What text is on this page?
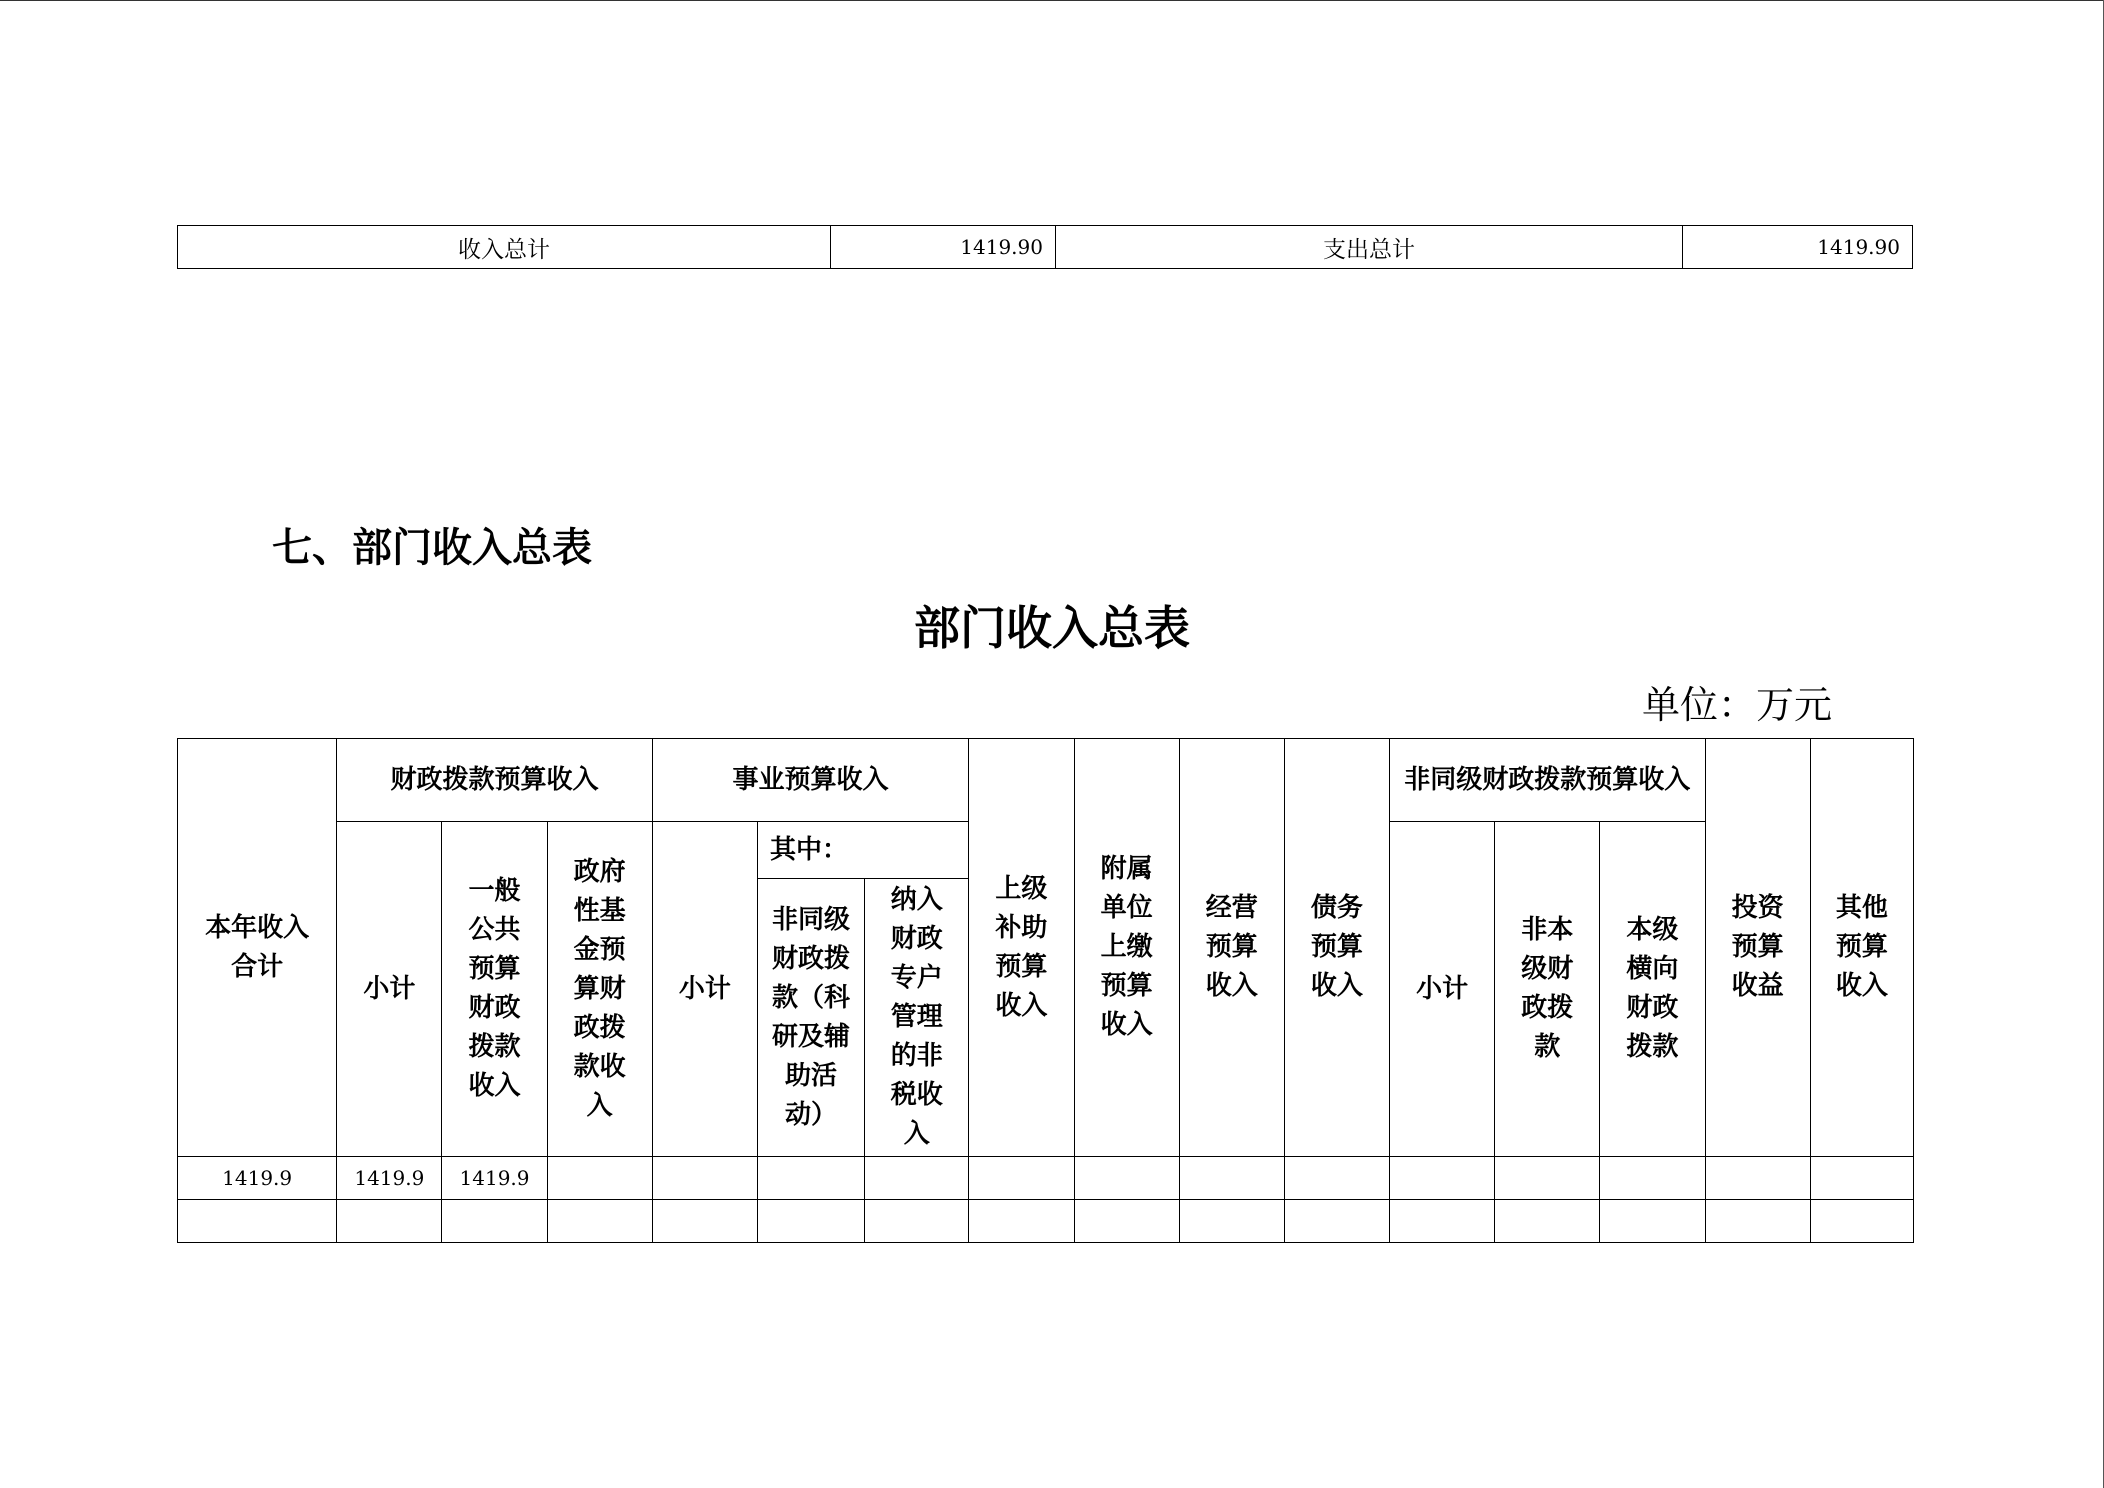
收入总计	1419.90	支出总计	1419.90
七、部门收入总表
部门收入总表
单位：万元
本年收入合计	财政拨款预算收入			事业预算收入			上级补助预算收入	附属单位上缴预算收入	经营预算收入	债务预算收入	非同级财政拨款预算收入			投资预算收益	其他预算收入
	小计	一般公共预算财政拨款收入	政府性基金预算财政拨款收入	小计	其中：						小计	非本级财政拨款	本级横向财政拨款		
					非同级财政拨款（科研及辅助活动）	纳入财政专户管理的非税收入									

1419.9	1419.9	1419.9													
